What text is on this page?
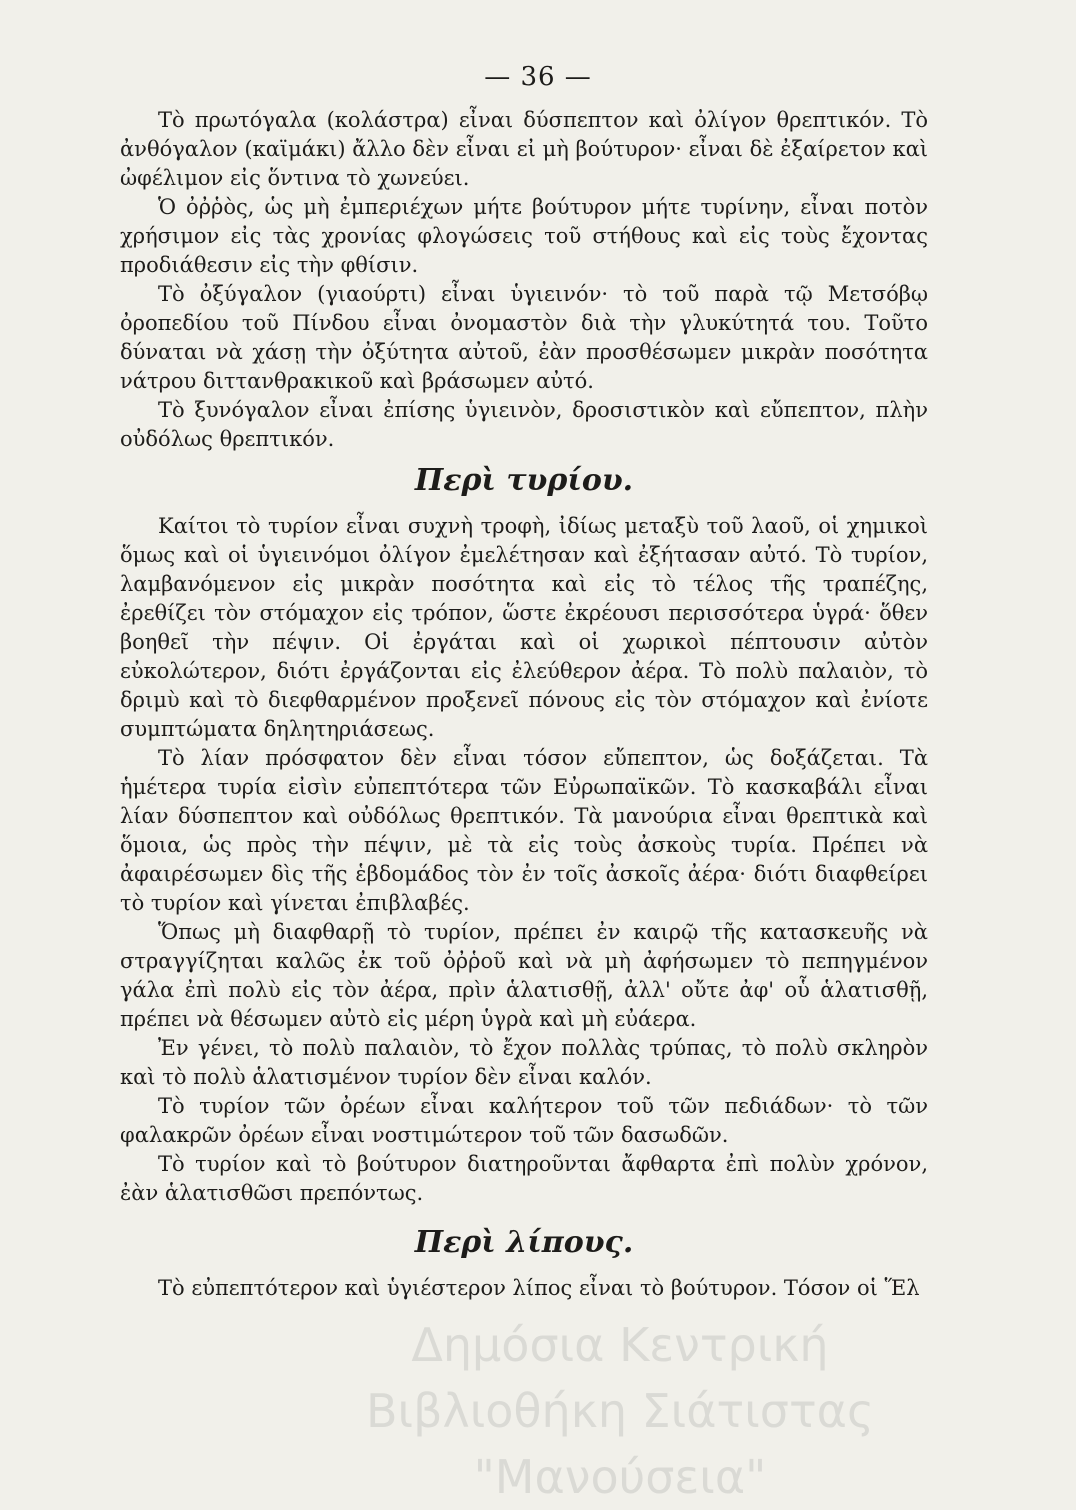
— 36 —

Τὸ πρωτόγαλα (κολάστρα) εἶναι δύσπεπτον καὶ ὀλίγον θρεπτικόν. Τὸ ἀνθόγαλον (καϊμάκι) ἄλλο δὲν εἶναι εἰ μὴ βούτυρον· εἶναι δὲ ἐξαίρετον καὶ ὠφέλιμον εἰς ὅντινα τὸ χωνεύει.

Ὁ ὀῤῥὸς, ὡς μὴ ἐμπεριέχων μήτε βούτυρον μήτε τυρίνην, εἶναι ποτὸν χρήσιμον εἰς τὰς χρονίας φλογώσεις τοῦ στήθους καὶ εἰς τοὺς ἔχοντας προδιάθεσιν εἰς τὴν φθίσιν.

Τὸ ὀξύγαλον (γιαούρτι) εἶναι ὑγιεινόν· τὸ τοῦ παρὰ τῷ Μετσόβῳ ὀροπεδίου τοῦ Πίνδου εἶναι ὀνομαστὸν διὰ τὴν γλυκύτητά του. Τοῦτο δύναται νὰ χάσῃ τὴν ὀξύτητα αὐτοῦ, ἐὰν προσθέσωμεν μικρὰν ποσότητα νάτρου διττανθρακικοῦ καὶ βράσωμεν αὐτό.

Τὸ ξυνόγαλον εἶναι ἐπίσης ὑγιεινὸν, δροσιστικὸν καὶ εὔπεπτον, πλὴν οὐδόλως θρεπτικόν.

Περὶ τυρίου.

Καίτοι τὸ τυρίον εἶναι συχνὴ τροφὴ, ἰδίως μεταξὺ τοῦ λαοῦ, οἱ χημικοὶ ὅμως καὶ οἱ ὑγιεινόμοι ὀλίγον ἐμελέτησαν καὶ ἐξήτασαν αὐτό. Τὸ τυρίον, λαμβανόμενον εἰς μικρὰν ποσότητα καὶ εἰς τὸ τέλος τῆς τραπέζης, ἐρεθίζει τὸν στόμαχον εἰς τρόπον, ὥστε ἐκρέουσι περισσότερα ὑγρά· ὅθεν βοηθεῖ τὴν πέψιν. Οἱ ἐργάται καὶ οἱ χωρικοὶ πέπτουσιν αὐτὸν εὐκολώτερον, διότι ἐργάζονται εἰς ἐλεύθερον ἀέρα. Τὸ πολὺ παλαιὸν, τὸ δριμὺ καὶ τὸ διεφθαρμένον προξενεῖ πόνους εἰς τὸν στόμαχον καὶ ἐνίοτε συμπτώματα δηλητηριάσεως.

Τὸ λίαν πρόσφατον δὲν εἶναι τόσον εὔπεπτον, ὡς δοξάζεται. Τὰ ἡμέτερα τυρία εἰσὶν εὐπεπτότερα τῶν Εὐρωπαϊκῶν. Τὸ κασκαβάλι εἶναι λίαν δύσπεπτον καὶ οὐδόλως θρεπτικόν. Τὰ μανούρια εἶναι θρεπτικὰ καὶ ὅμοια, ὡς πρὸς τὴν πέψιν, μὲ τὰ εἰς τοὺς ἀσκοὺς τυρία. Πρέπει νὰ ἀφαιρέσωμεν δὶς τῆς ἑβδομάδος τὸν ἐν τοῖς ἀσκοῖς ἀέρα· διότι διαφθείρει τὸ τυρίον καὶ γίνεται ἐπιβλαβές.

Ὅπως μὴ διαφθαρῇ τὸ τυρίον, πρέπει ἐν καιρῷ τῆς κατασκευῆς νὰ στραγγίζηται καλῶς ἐκ τοῦ ὀῤῥοῦ καὶ νὰ μὴ ἀφήσωμεν τὸ πεπηγμένον γάλα ἐπὶ πολὺ εἰς τὸν ἀέρα, πρὶν ἁλατισθῇ, ἀλλ' οὔτε ἀφ' οὗ ἁλατισθῇ, πρέπει νὰ θέσωμεν αὐτὸ εἰς μέρη ὑγρὰ καὶ μὴ εὐάερα.

Ἐν γένει, τὸ πολὺ παλαιὸν, τὸ ἔχον πολλὰς τρύπας, τὸ πολὺ σκληρὸν καὶ τὸ πολὺ ἁλατισμένον τυρίον δὲν εἶναι καλόν.

Τὸ τυρίον τῶν ὀρέων εἶναι καλήτερον τοῦ τῶν πεδιάδων· τὸ τῶν φαλακρῶν ὀρέων εἶναι νοστιμώτερον τοῦ τῶν δασωδῶν.

Τὸ τυρίον καὶ τὸ βούτυρον διατηροῦνται ἄφθαρτα ἐπὶ πολὺν χρόνον, ἐὰν ἁλατισθῶσι πρεπόντως.

Περὶ λίπους.

Τὸ εὐπεπτότερον καὶ ὑγιέστερον λίπος εἶναι τὸ βούτυρον. Τόσον οἱ Ἕλ

Δημόσια Κεντρική
Βιβλιοθήκη Σιάτιστας "Μανούσεια"
